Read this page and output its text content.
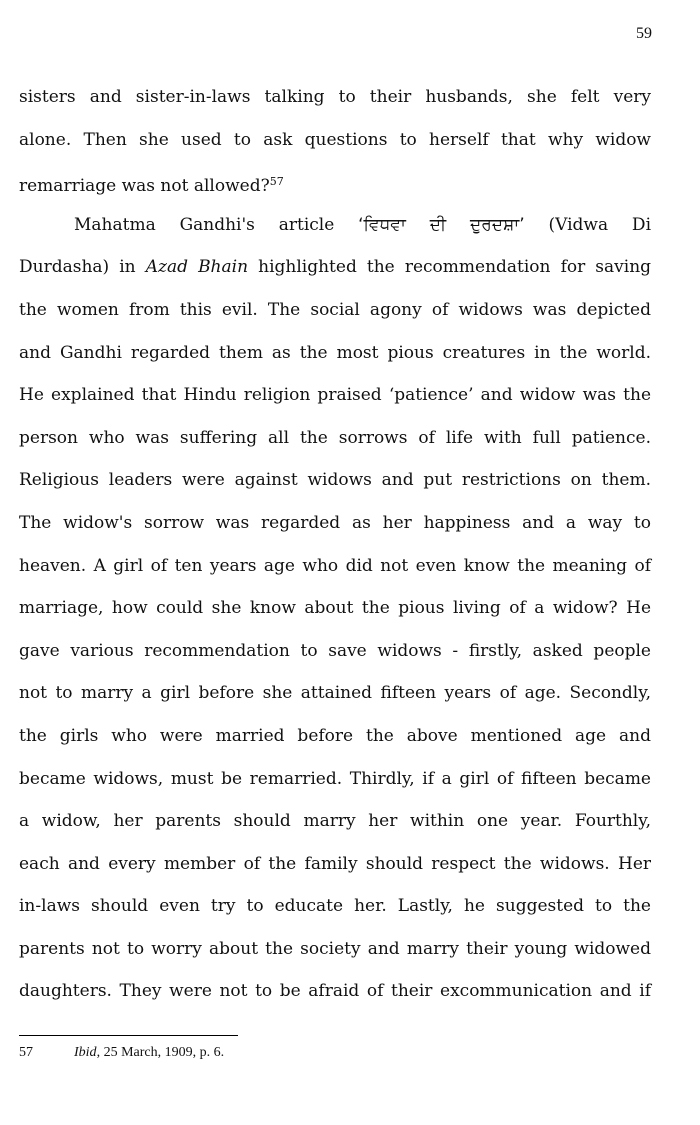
59
sisters and sister-in-laws talking to their husbands, she felt very
alone. Then she used to ask questions to herself that why widow
remarriage was not allowed?$^{57}$
Mahatma Gandhi's article ‘ਵਿਧਵਾ ਦੀ ਦੁਰਦਸ਼ਾ’ (Vidwa Di
Durdasha) in Azad Bhain highlighted the recommendation for saving
the women from this evil. The social agony of widows was depicted
and Gandhi regarded them as the most pious creatures in the world.
He explained that Hindu religion praised ‘patience’ and widow was the
person who was suffering all the sorrows of life with full patience.
Religious leaders were against widows and put restrictions on them.
The widow's sorrow was regarded as her happiness and a way to
heaven. A girl of ten years age who did not even know the meaning of
marriage, how could she know about the pious living of a widow? He
gave various recommendation to save widows - firstly, asked people
not to marry a girl before she attained fifteen years of age. Secondly,
the girls who were married before the above mentioned age and
became widows, must be remarried. Thirdly, if a girl of fifteen became
a widow, her parents should marry her within one year. Fourthly,
each and every member of the family should respect the widows. Her
in-laws should even try to educate her. Lastly, he suggested to the
parents not to worry about the society and marry their young widowed
daughters. They were not to be afraid of their excommunication and if
57	Ibid, 25 March, 1909, p. 6.
